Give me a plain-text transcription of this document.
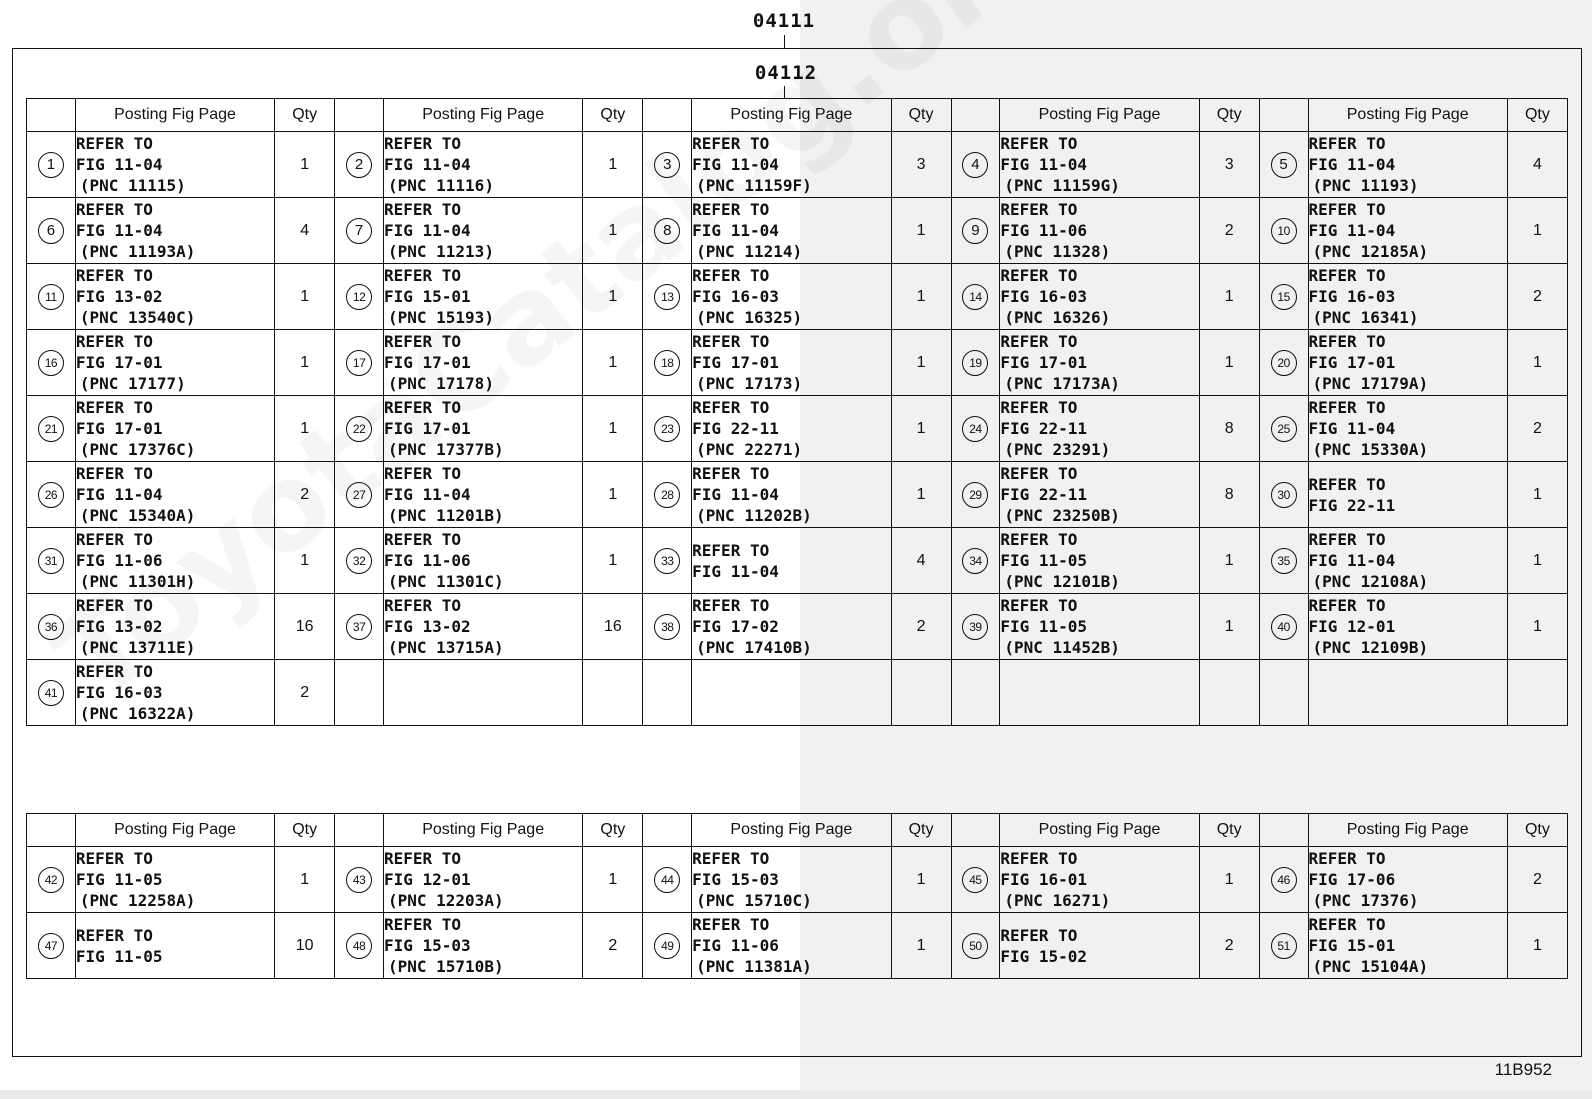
04111
04112
	Posting Fig Page	Qty		Posting Fig Page	Qty		Posting Fig Page	Qty		Posting Fig Page	Qty		Posting Fig Page	Qty
1	REFER TO
FIG 11-04
(PNC 11115)	1	2	REFER TO
FIG 11-04
(PNC 11116)	1	3	REFER TO
FIG 11-04
(PNC 11159F)	3	4	REFER TO
FIG 11-04
(PNC 11159G)	3	5	REFER TO
FIG 11-04
(PNC 11193)	4
6	REFER TO
FIG 11-04
(PNC 11193A)	4	7	REFER TO
FIG 11-04
(PNC 11213)	1	8	REFER TO
FIG 11-04
(PNC 11214)	1	9	REFER TO
FIG 11-06
(PNC 11328)	2	10	REFER TO
FIG 11-04
(PNC 12185A)	1
11	REFER TO
FIG 13-02
(PNC 13540C)	1	12	REFER TO
FIG 15-01
(PNC 15193)	1	13	REFER TO
FIG 16-03
(PNC 16325)	1	14	REFER TO
FIG 16-03
(PNC 16326)	1	15	REFER TO
FIG 16-03
(PNC 16341)	2
16	REFER TO
FIG 17-01
(PNC 17177)	1	17	REFER TO
FIG 17-01
(PNC 17178)	1	18	REFER TO
FIG 17-01
(PNC 17173)	1	19	REFER TO
FIG 17-01
(PNC 17173A)	1	20	REFER TO
FIG 17-01
(PNC 17179A)	1
21	REFER TO
FIG 17-01
(PNC 17376C)	1	22	REFER TO
FIG 17-01
(PNC 17377B)	1	23	REFER TO
FIG 22-11
(PNC 22271)	1	24	REFER TO
FIG 22-11
(PNC 23291)	8	25	REFER TO
FIG 11-04
(PNC 15330A)	2
26	REFER TO
FIG 11-04
(PNC 15340A)	2	27	REFER TO
FIG 11-04
(PNC 11201B)	1	28	REFER TO
FIG 11-04
(PNC 11202B)	1	29	REFER TO
FIG 22-11
(PNC 23250B)	8	30	REFER TO
FIG 22-11	1
31	REFER TO
FIG 11-06
(PNC 11301H)	1	32	REFER TO
FIG 11-06
(PNC 11301C)	1	33	REFER TO
FIG 11-04	4	34	REFER TO
FIG 11-05
(PNC 12101B)	1	35	REFER TO
FIG 11-04
(PNC 12108A)	1
36	REFER TO
FIG 13-02
(PNC 13711E)	16	37	REFER TO
FIG 13-02
(PNC 13715A)	16	38	REFER TO
FIG 17-02
(PNC 17410B)	2	39	REFER TO
FIG 11-05
(PNC 11452B)	1	40	REFER TO
FIG 12-01
(PNC 12109B)	1
41	REFER TO
FIG 16-03
(PNC 16322A)	2												
	Posting Fig Page	Qty		Posting Fig Page	Qty		Posting Fig Page	Qty		Posting Fig Page	Qty		Posting Fig Page	Qty
42	REFER TO
FIG 11-05
(PNC 12258A)	1	43	REFER TO
FIG 12-01
(PNC 12203A)	1	44	REFER TO
FIG 15-03
(PNC 15710C)	1	45	REFER TO
FIG 16-01
(PNC 16271)	1	46	REFER TO
FIG 17-06
(PNC 17376)	2
47	REFER TO
FIG 11-05	10	48	REFER TO
FIG 15-03
(PNC 15710B)	2	49	REFER TO
FIG 11-06
(PNC 11381A)	1	50	REFER TO
FIG 15-02	2	51	REFER TO
FIG 15-01
(PNC 15104A)	1
11B952
